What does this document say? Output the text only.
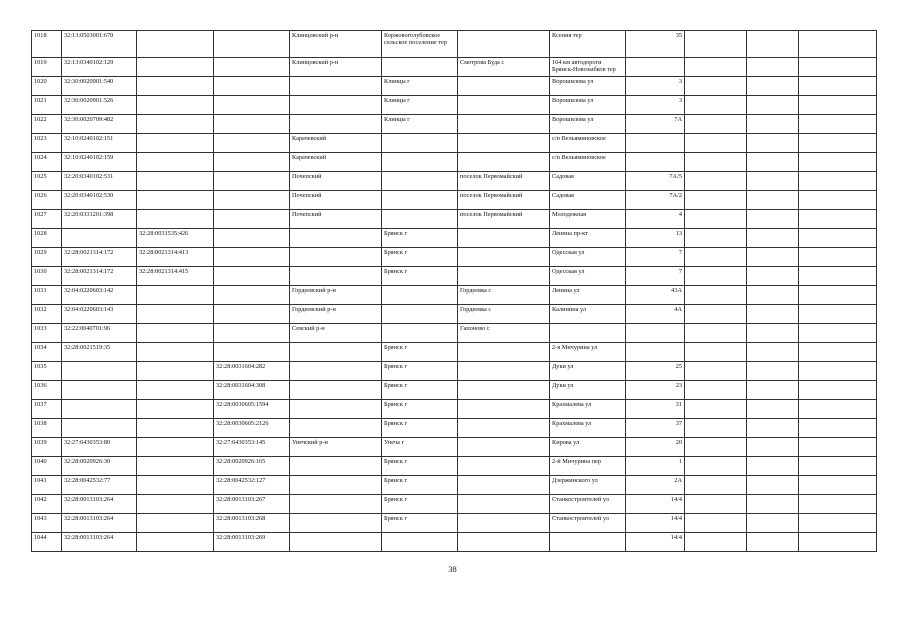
1018	32:13:0503001:670			Клинцовский р-н	Коржовоголубовское сельское поселение тер		Ксения тер	35			
1019	32:13:0340102:129			Клинцовский р-н		Смотрова Буда с	164 км автодороги Брянск-Новозыбков тер				
1020	32:30:0020901:540				Клинцы г		Ворошилова ул	3			
1021	32:30:0020901:526				Клинцы г		Ворошилова ул	3			
1022	32:30:0020709:482				Клинцы г		Ворошилова ул	7А			
1023	32:10:0240102:151			Карачевский			с/п Вельяминовское				
1024	32:10:0240102:159			Карачевский			с/п Вельяминовское				
1025	32:20:0340102:531			Почепский		поселок Первомайский	Садовая	7А/5			
1026	32:20:0340102:530			Почепский		поселок Первомайский	Садовая	7А/2			
1027	32:20:0331201:398			Почепский		поселок Первомайский	Молодежная	4			
1028		32:28:0031535:426			Брянск г		Ленина пр-кт	13			
1029	32:28:0021314:172	32:28:0021314:413			Брянск г		Одесская ул	7			
1030	32:28:0021314:172	32:28:0021314:415			Брянск г		Одесская ул	7			
1031	32:04:0220603:142			Гордеевский р-н		Гордеевка с	Ленина ул	43А			
1032	32:04:0220603:143			Гордеевский р-н		Гордеевка с	Калинина ул	4А			
1033	32:22:0040701:96			Севский р-н		Гапоново с					
1034	32:28:0021519:35				Брянск г		2-я Мичурина ул				
1035			32:28:0031604:282		Брянск г		Дуки ул	25			
1036			32:28:0031604:308		Брянск г		Дуки ул	23			
1037			32:28:0030605:1594		Брянск г		Крахмалева ул	31			
1038			32:28:0030605:2126		Брянск г		Крахмалева ул	37			
1039	32:27:0430353:80		32:27:0430353:145	Унечский р-н	Унеча г		Кирова ул	20			
1040	32:28:0020926:30		32:28:0020926:165		Брянск г		2-й Мичурина пер	1			
1041	32:28:0042532:77		32:28:0042532:127		Брянск г		Дзержинского ул	2А			
1042	32:28:0013103:264		32:28:0013103:267		Брянск г		Станкостроителей ул	14/4			
1043	32:28:0013103:264		32:28:0013103:268		Брянск г		Станкостроителей ул	14/4			
1044	32:28:0013103:264		32:28:0013103:269					14/4			
38
